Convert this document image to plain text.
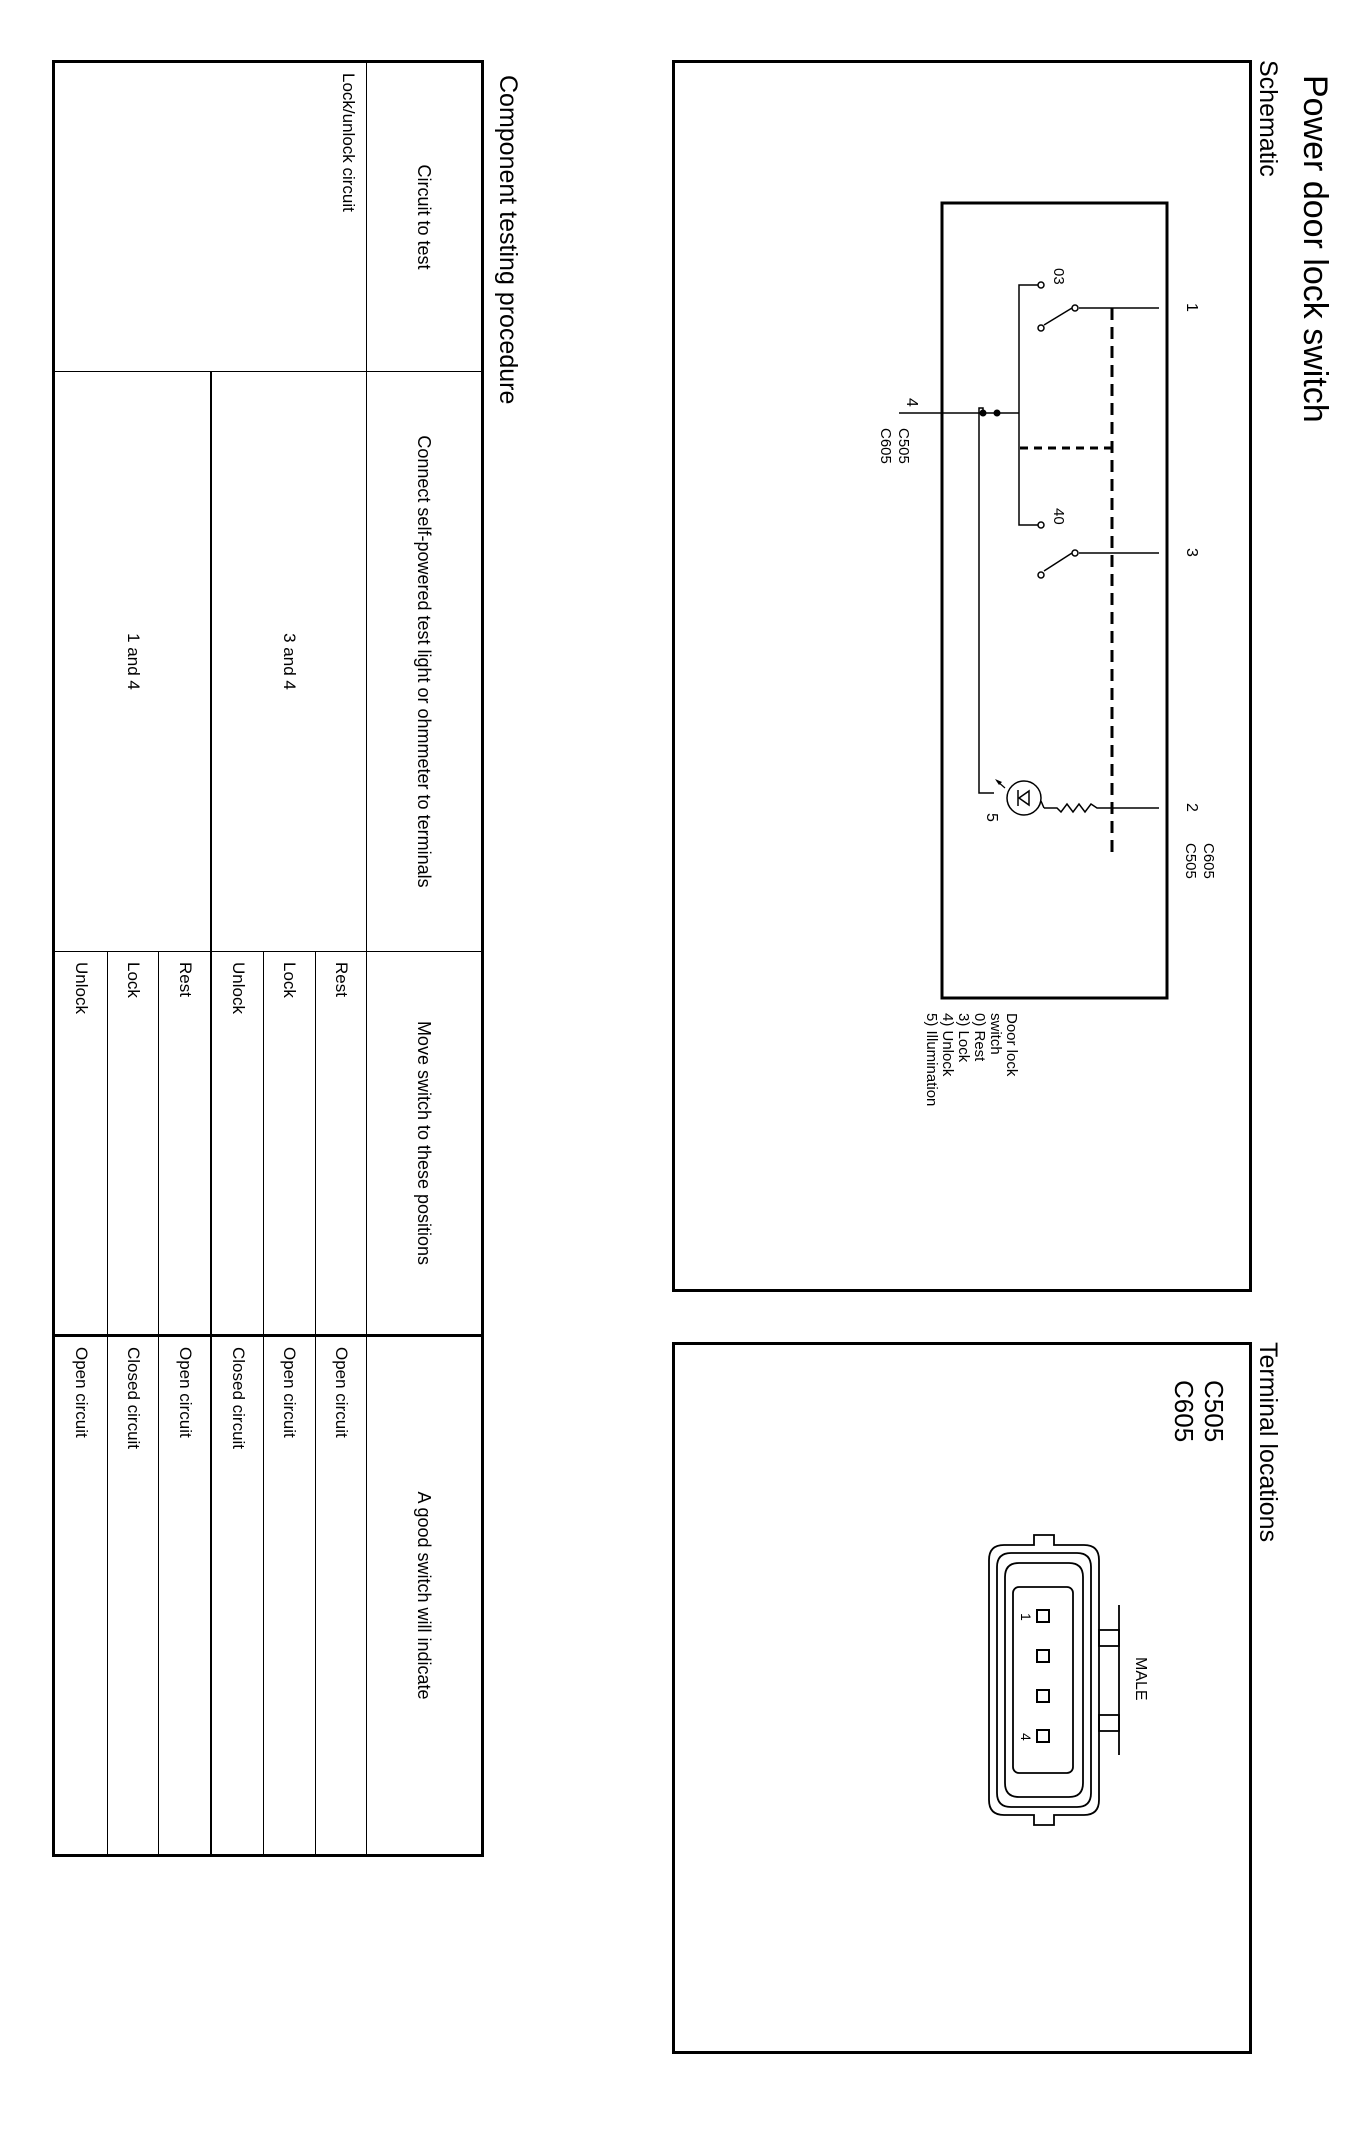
Power door lock switch
Schematic
1
3
2
4
5
03
40
C505
C605
C605
C505
Door lock
switch
0) Rest
3) Lock
4) Unlock
5) Illumination
Terminal locations
C505
C605
1
4
MALE
Component testing procedure
Circuit to test	Connect self-powered test light or ohmmeter to terminals	Move switch to these positions	A good switch will indicate
Lock/unlock circuit	3 and 4	Rest	Open circuit
		Lock	Open circuit
		Unlock	Closed circuit
	1 and 4	Rest	Open circuit
		Lock	Closed circuit
		Unlock	Open circuit
